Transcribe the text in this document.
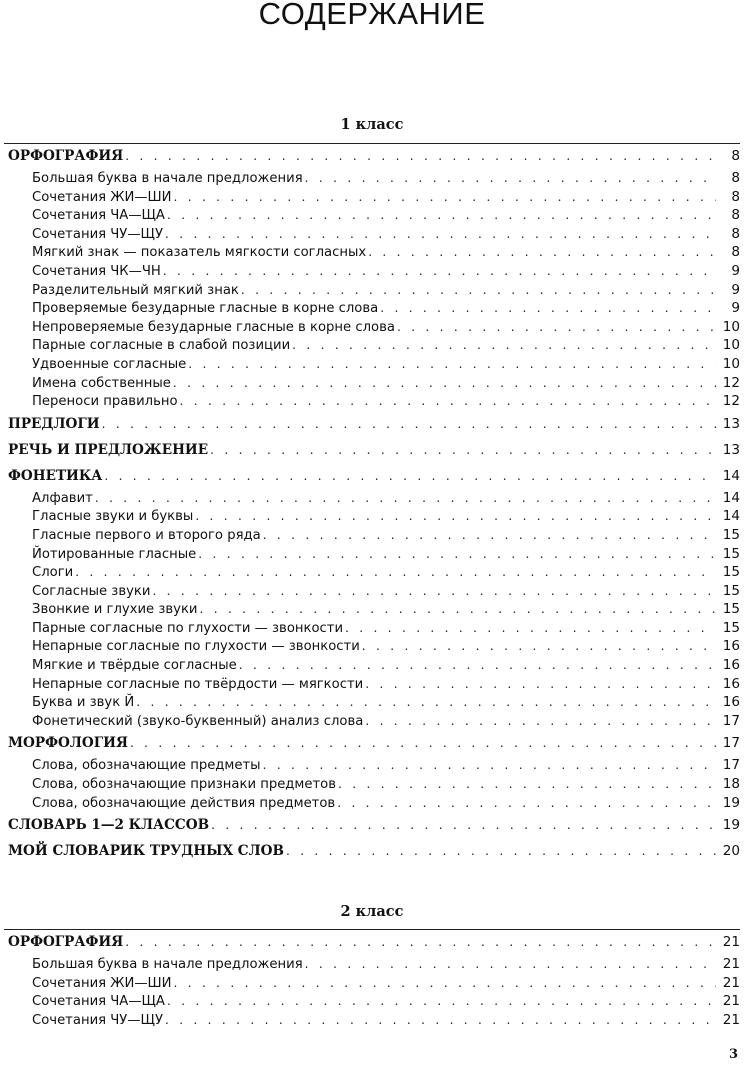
СОДЕРЖАНИЕ
1 класс
ОРФОГРАФИЯ . . .	8
Большая буква в начале предложения . . .	8
Сочетания ЖИ—ШИ . . .	8
Сочетания ЧА—ЩА . . .	8
Сочетания ЧУ—ЩУ . . .	8
Мягкий знак — показатель мягкости согласных . . .	8
Сочетания ЧК—ЧН . . .	9
Разделительный мягкий знак . . .	9
Проверяемые безударные гласные в корне слова . . .	9
Непроверяемые безударные гласные в корне слова . . .	10
Парные согласные в слабой позиции . . .	10
Удвоенные согласные . . .	10
Имена собственные . . .	12
Переноси правильно . . .	12
ПРЕДЛОГИ . . .	13
РЕЧЬ И ПРЕДЛОЖЕНИЕ . . .	13
ФОНЕТИКА . . .	14
Алфавит . . .	14
Гласные звуки и буквы . . .	14
Гласные первого и второго ряда . . .	15
Йотированные гласные . . .	15
Слоги . . .	15
Согласные звуки . . .	15
Звонкие и глухие звуки . . .	15
Парные согласные по глухости — звонкости . . .	15
Непарные согласные по глухости — звонкости . . .	16
Мягкие и твёрдые согласные . . .	16
Непарные согласные по твёрдости — мягкости . . .	16
Буква и звук Й . . .	16
Фонетический (звуко-буквенный) анализ слова . . .	17
МОРФОЛОГИЯ . . .	17
Слова, обозначающие предметы . . .	17
Слова, обозначающие признаки предметов . . .	18
Слова, обозначающие действия предметов . . .	19
СЛОВАРЬ 1—2 КЛАССОВ . . .	19
МОЙ СЛОВАРИК ТРУДНЫХ СЛОВ . . .	20
2 класс
ОРФОГРАФИЯ . . .	21
Большая буква в начале предложения . . .	21
Сочетания ЖИ—ШИ . . .	21
Сочетания ЧА—ЩА . . .	21
Сочетания ЧУ—ЩУ . . .	21
3
